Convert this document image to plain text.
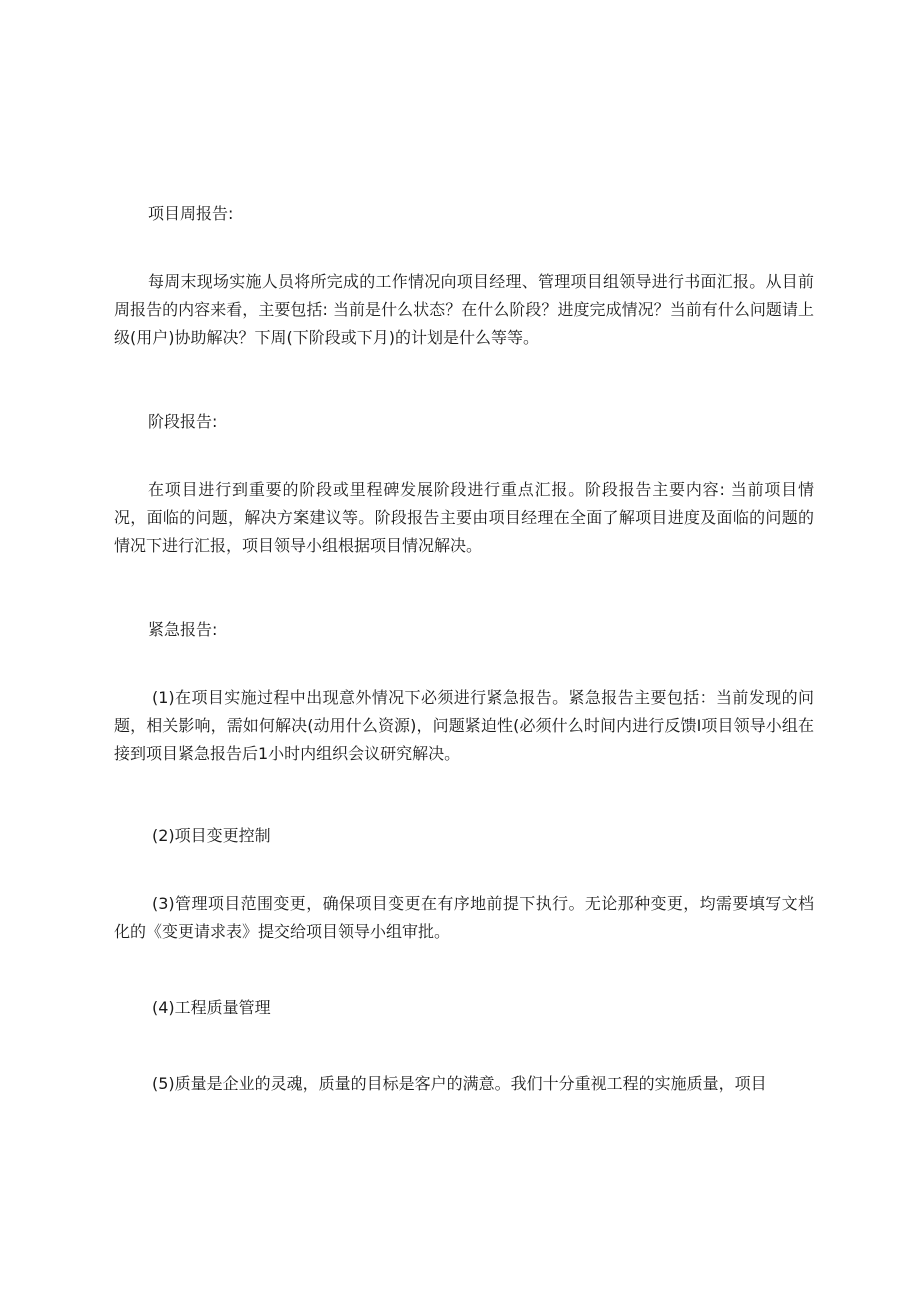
项目周报告:

每周末现场实施人员将所完成的工作情况向项目经理、管理项目组领导进行书面汇报。从目前周报告的内容来看，主要包括: 当前是什么状态？在什么阶段？进度完成情况？当前有什么问题请上级(用户)协助解决？下周(下阶段或下月)的计划是什么等等。

阶段报告:

在项目进行到重要的阶段或里程碑发展阶段进行重点汇报。阶段报告主要内容: 当前项目情况，面临的问题，解决方案建议等。阶段报告主要由项目经理在全面了解项目进度及面临的问题的情况下进行汇报，项目领导小组根据项目情况解决。

紧急报告:

(1)在项目实施过程中出现意外情况下必须进行紧急报告。紧急报告主要包括：当前发现的问题，相关影响，需如何解决(动用什么资源)，问题紧迫性(必须什么时间内进行反馈I项目领导小组在接到项目紧急报告后1小时内组织会议研究解决。

(2)项目变更控制

(3)管理项目范围变更，确保项目变更在有序地前提下执行。无论那种变更，均需要填写文档化的《变更请求表》提交给项目领导小组审批。

(4)工程质量管理

(5)质量是企业的灵魂，质量的目标是客户的满意。我们十分重视工程的实施质量，项目
